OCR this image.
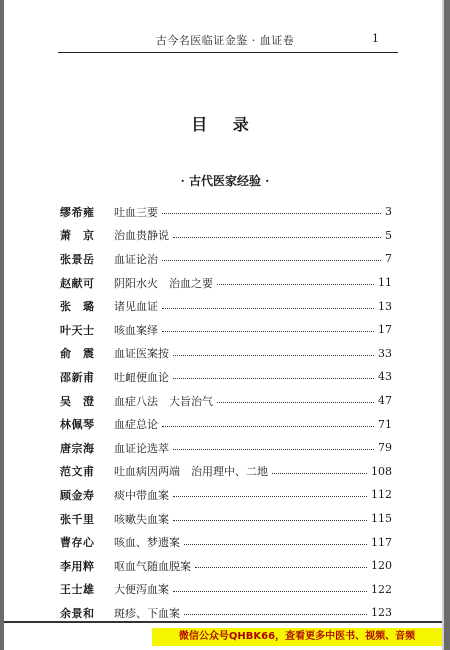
古今名医临证金鉴 · 血证卷	1
目 录
· 古代医家经验 ·
缪希雍	吐血三要	3
萧　京	治血贵静说	5
张景岳	血证论治	7
赵献可	阴阳水火　治血之要	11
张　璐	诸见血证	13
叶天士	咳血案绎	17
俞　震	血证医案按	33
邵新甫	吐衄便血论	43
吴　澄	血症八法　大旨治气	47
林佩琴	血症总论	71
唐宗海	血证论选萃	79
范文甫	吐血病因两端　治用理中、二地	108
顾金寿	痰中带血案	112
张千里	咳嗽失血案	115
曹存心	咳血、梦遗案	117
李用粹	呕血气随血脱案	120
王士雄	大便泻血案	122
余景和	斑疹、下血案	123
微信公众号QHBK66，查看更多中医书、视频、音频
